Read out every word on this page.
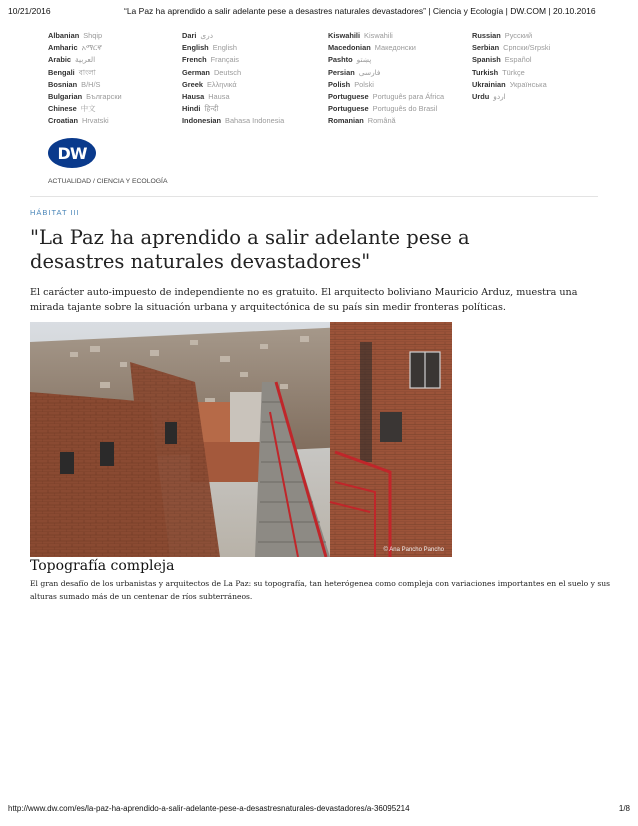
10/21/2016	“La Paz ha aprendido a salir adelante pese a desastres naturales devastadores” | Ciencia y Ecología | DW.COM | 20.10.2016
Albanian Shqip
Amharic አማርኛ
Arabic العربية
Bengali বাংলা
Bosnian B/H/S
Bulgarian Български
Chinese 中文
Croatian Hrvatski
Dari دری
English English
French Français
German Deutsch
Greek Ελληνικά
Hausa Hausa
Hindi हिन्दी
Indonesian Bahasa Indonesia
Kiswahili Kiswahili
Macedonian Македонски
Pashto پښتو
Persian فارسی
Polish Polski
Portuguese Português para África
Portuguese Português do Brasil
Romanian Română
Russian Русский
Serbian Српски/Srpski
Spanish Español
Turkish Türkçe
Ukrainian Українська
Urdu اردو
DW
ACTUALIDAD / CIENCIA Y ECOLOGÍA
HÁBITAT III
"La Paz ha aprendido a salir adelante pese a desastres naturales devastadores"

El carácter auto-impuesto de independiente no es gratuito. El arquitecto boliviano Mauricio Arduz, muestra una mirada tajante sobre la situación urbana y arquitectónica de su país sin medir fronteras políticas.

© Ana Pancho Pancho
Topografía compleja

El gran desafío de los urbanistas y arquitectos de La Paz: su topografía, tan heterógenea como compleja con variaciones importantes en el suelo y sus alturas sumado más de un centenar de ríos subterráneos.

http://www.dw.com/es/la-paz-ha-aprendido-a-salir-adelante-pese-a-desastresnaturales-devastadores/a-36095214	1/8
